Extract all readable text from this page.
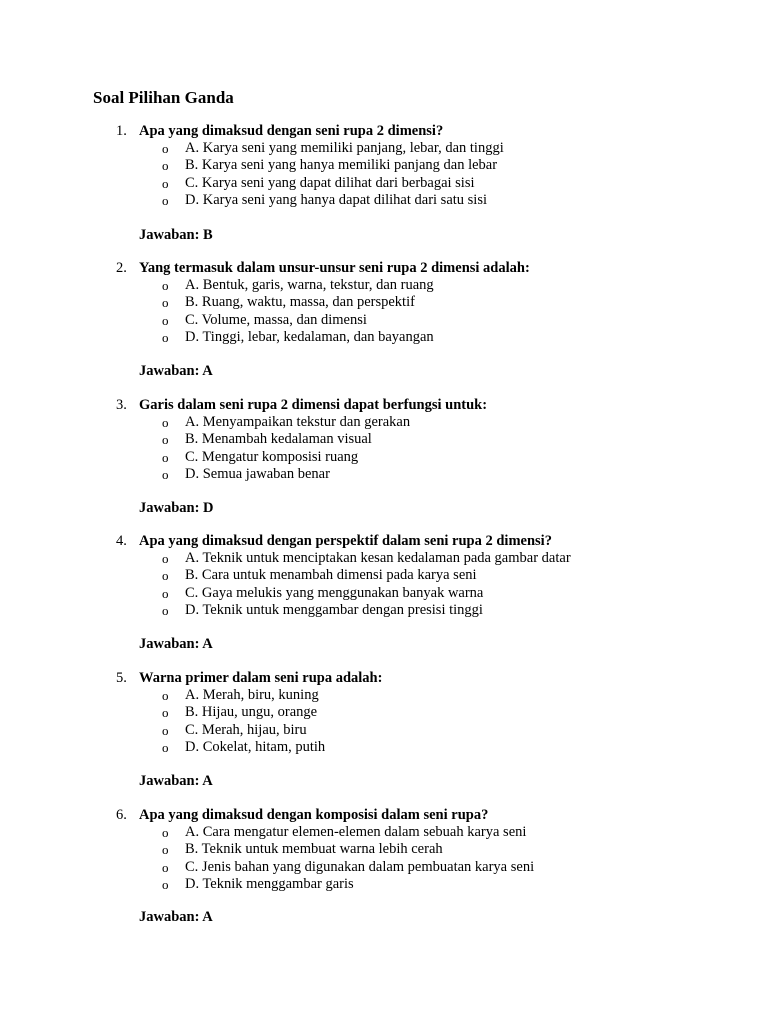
Soal Pilihan Ganda
1. Apa yang dimaksud dengan seni rupa 2 dimensi?
o A. Karya seni yang memiliki panjang, lebar, dan tinggi
o B. Karya seni yang hanya memiliki panjang dan lebar
o C. Karya seni yang dapat dilihat dari berbagai sisi
o D. Karya seni yang hanya dapat dilihat dari satu sisi
Jawaban: B
2. Yang termasuk dalam unsur-unsur seni rupa 2 dimensi adalah:
o A. Bentuk, garis, warna, tekstur, dan ruang
o B. Ruang, waktu, massa, dan perspektif
o C. Volume, massa, dan dimensi
o D. Tinggi, lebar, kedalaman, dan bayangan
Jawaban: A
3. Garis dalam seni rupa 2 dimensi dapat berfungsi untuk:
o A. Menyampaikan tekstur dan gerakan
o B. Menambah kedalaman visual
o C. Mengatur komposisi ruang
o D. Semua jawaban benar
Jawaban: D
4. Apa yang dimaksud dengan perspektif dalam seni rupa 2 dimensi?
o A. Teknik untuk menciptakan kesan kedalaman pada gambar datar
o B. Cara untuk menambah dimensi pada karya seni
o C. Gaya melukis yang menggunakan banyak warna
o D. Teknik untuk menggambar dengan presisi tinggi
Jawaban: A
5. Warna primer dalam seni rupa adalah:
o A. Merah, biru, kuning
o B. Hijau, ungu, orange
o C. Merah, hijau, biru
o D. Cokelat, hitam, putih
Jawaban: A
6. Apa yang dimaksud dengan komposisi dalam seni rupa?
o A. Cara mengatur elemen-elemen dalam sebuah karya seni
o B. Teknik untuk membuat warna lebih cerah
o C. Jenis bahan yang digunakan dalam pembuatan karya seni
o D. Teknik menggambar garis
Jawaban: A
